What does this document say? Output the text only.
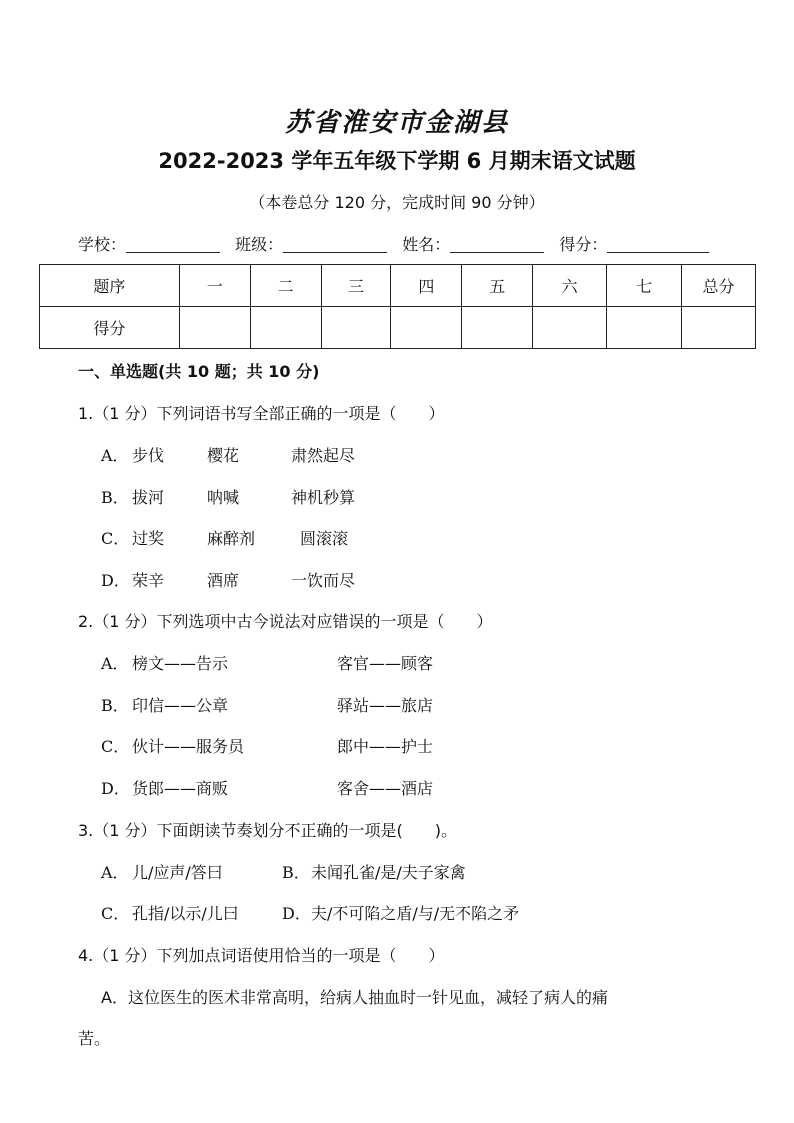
苏省淮安市金湖县
2022-2023 学年五年级下学期 6 月期末语文试题
（本卷总分 120 分，完成时间 90 分钟）
学校：	班级：	姓名：	得分：
题序	一	二	三	四	五	六	七	总分
得分								
一、单选题(共 10 题；共 10 分)
1.（1 分）下列词语书写全部正确的一项是（　　）
A． 步伐	樱花	肃然起尽
B． 拔河	呐喊	神机秒算
C． 过奖	麻醉剂	圆滚滚
D． 荣辛	酒席	一饮而尽
2.（1 分）下列选项中古今说法对应错误的一项是（　　）
A． 榜文——告示	客官——顾客
B． 印信——公章	驿站——旅店
C． 伙计——服务员	郎中——护士
D． 货郎——商贩	客舍——酒店
3.（1 分）下面朗读节奏划分不正确的一项是(　　)。
A． 儿/应声/答曰	B． 未闻孔雀/是/夫子家禽
C． 孔指/以示/儿曰	D． 夫/不可陷之盾/与/无不陷之矛
4.（1 分）下列加点词语使用恰当的一项是（　　）
A．这位医生的医术非常高明，给病人抽血时一针见血，减轻了病人的痛
苦。
